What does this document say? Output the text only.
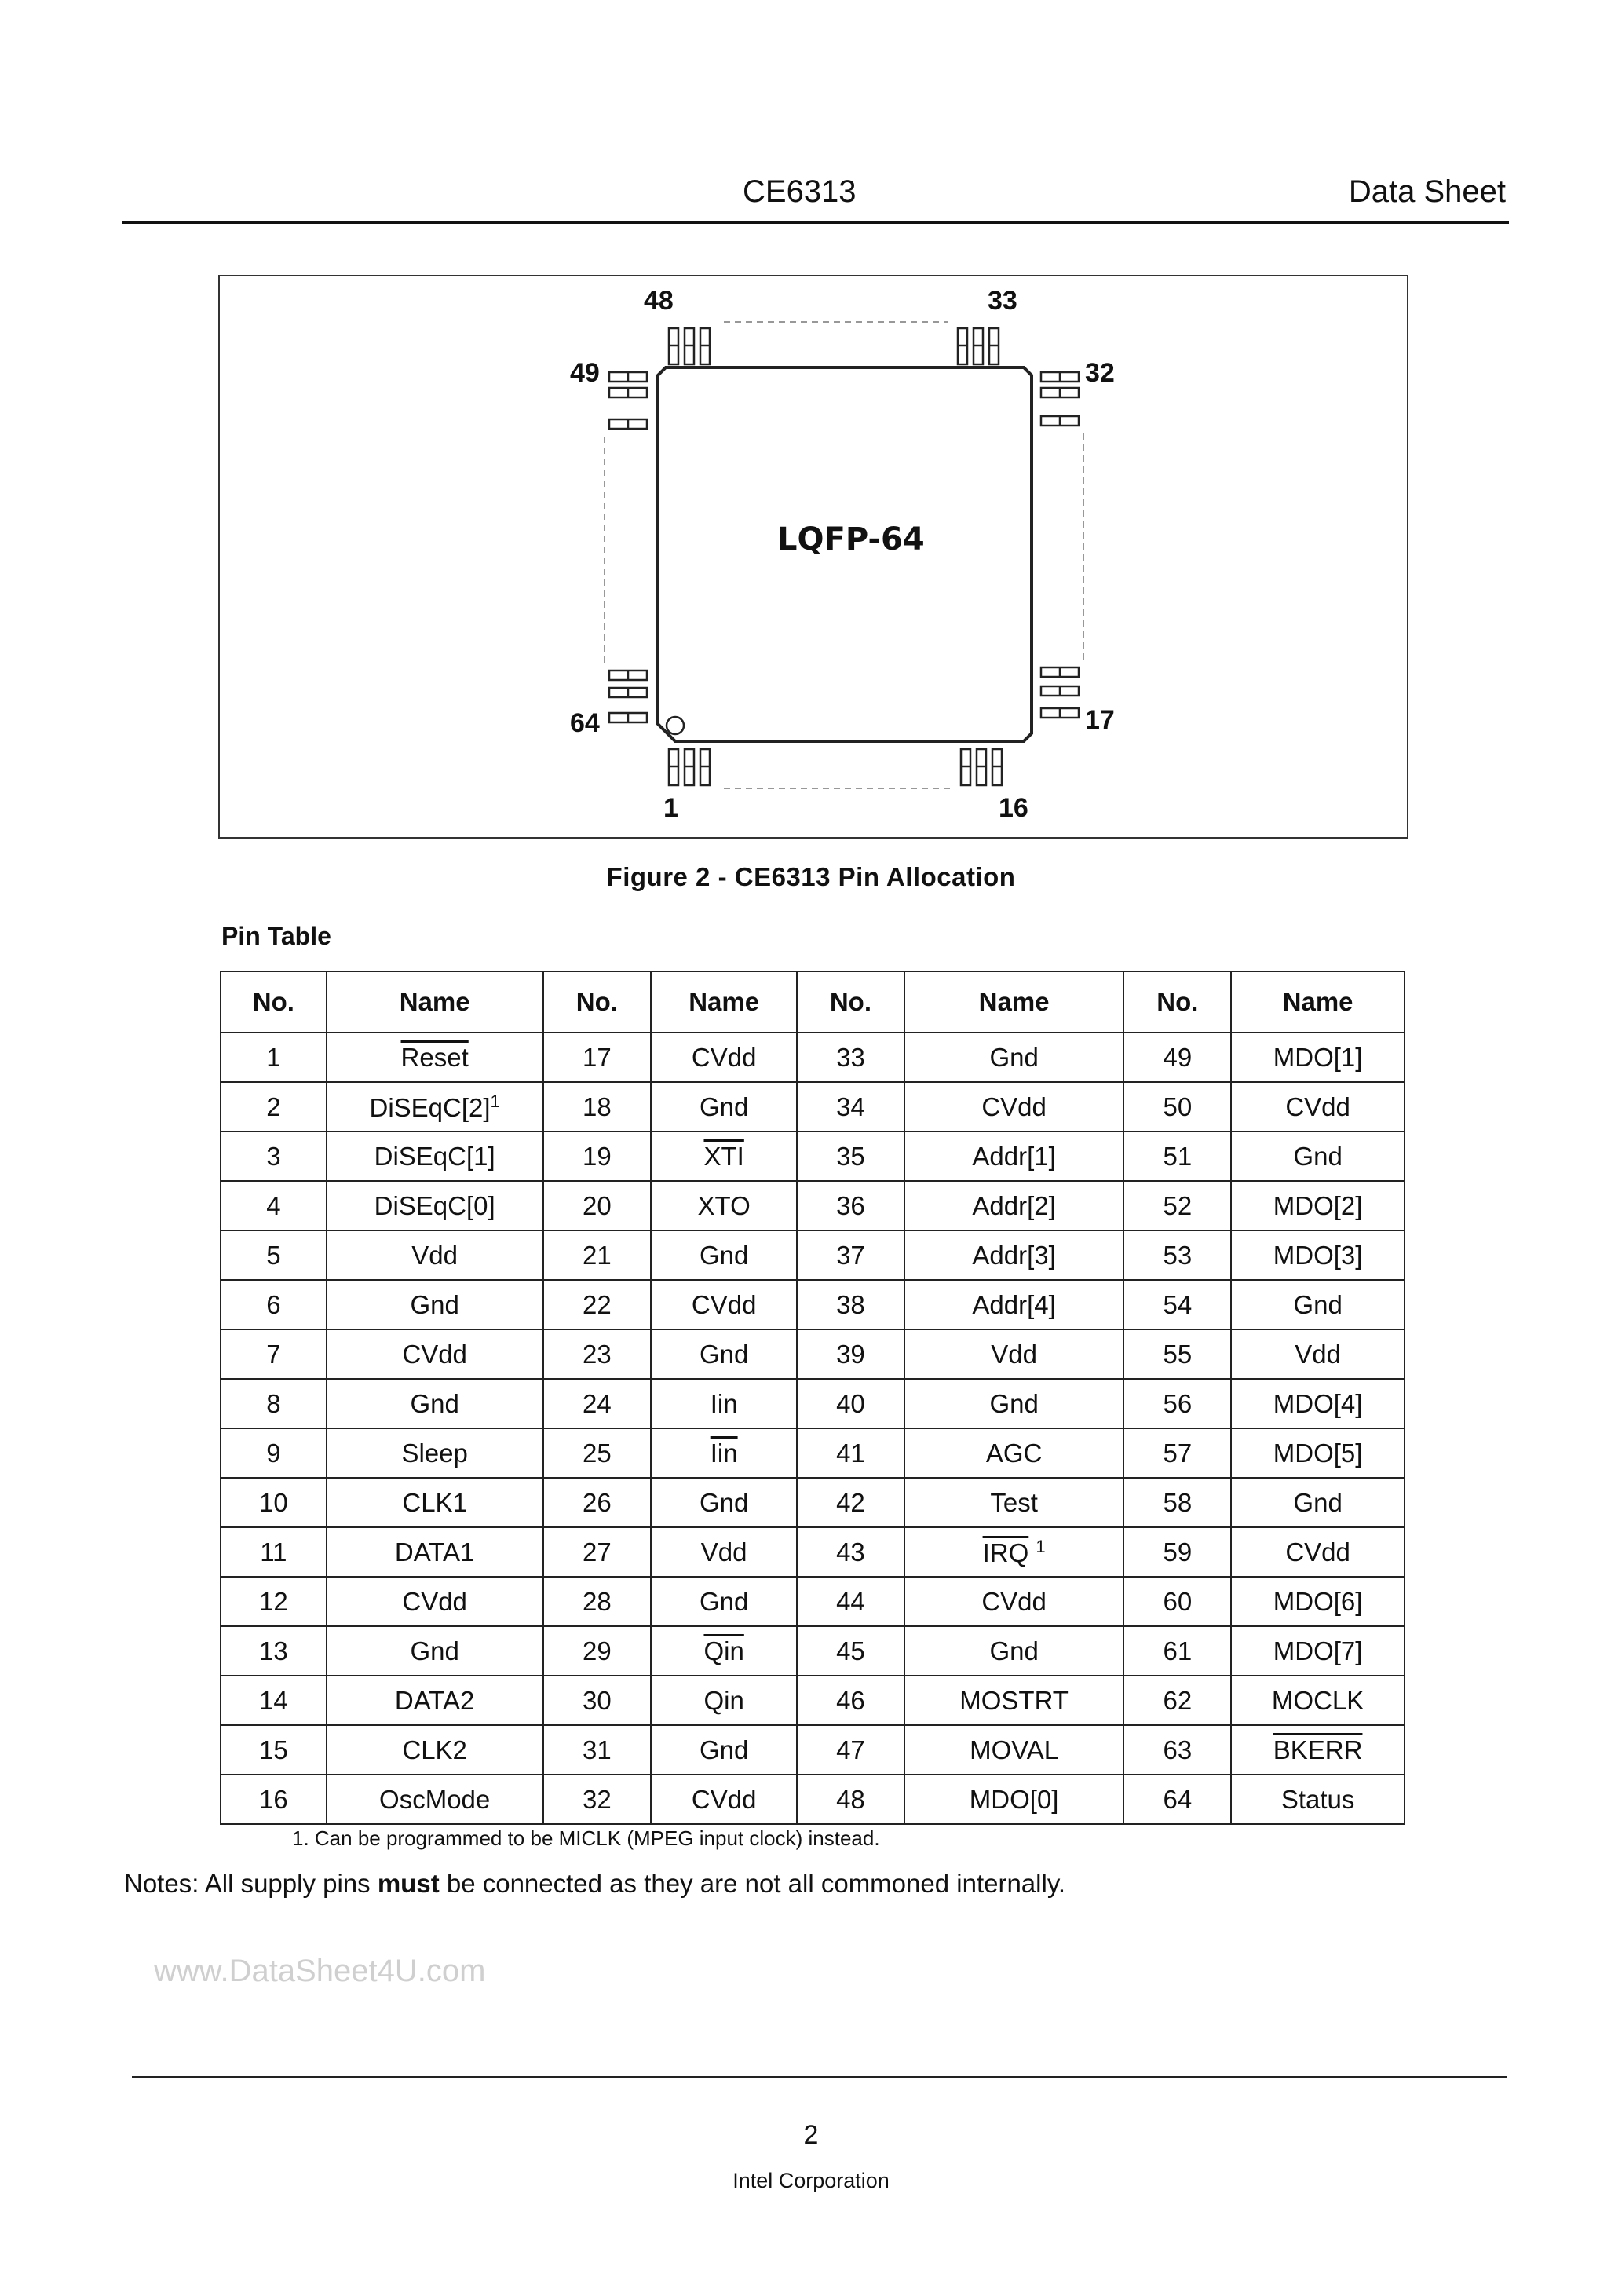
CE6313	Data Sheet
48	33
49	32
64	17
1	16
LQFP-64
Figure 2 - CE6313 Pin Allocation
Pin Table
No.	Name	No.	Name	No.	Name	No.	Name
1	Reset	17	CVdd	33	Gnd	49	MDO[1]
2	$DiSEqC[2]^1$	18	Gnd	34	CVdd	50	CVdd
3	DiSEqC[1]	19	$\overline{XTI}$	35	Addr[1]	51	Gnd
4	DiSEqC[0]	20	XTO	36	Addr[2]	52	MDO[2]
5	Vdd	21	Gnd	37	Addr[3]	53	MDO[3]
6	Gnd	22	CVdd	38	Addr[4]	54	Gnd
7	CVdd	23	Gnd	39	Vdd	55	Vdd
8	Gnd	24	Iin	40	Gnd	56	MDO[4]
9	Sleep	25	$\overline{Iin}$	41	AGC	57	MDO[5]
10	CLK1	26	Gnd	42	Test	58	Gnd
11	DATA1	27	Vdd	43	$\overline{IRQ}$ $^1$	59	CVdd
12	CVdd	28	Gnd	44	CVdd	60	MDO[6]
13	Gnd	29	$\overline{Qin}$	45	Gnd	61	MDO[7]
14	DATA2	30	Qin	46	MOSTRT	62	MOCLK
15	CLK2	31	Gnd	47	MOVAL	63	BKERR
16	OscMode	32	CVdd	48	MDO[0]	64	Status
1. Can be programmed to be MICLK (MPEG input clock) instead.
Notes: All supply pins must be connected as they are not all commoned internally.
www.DataSheet4U.com
2
Intel Corporation
